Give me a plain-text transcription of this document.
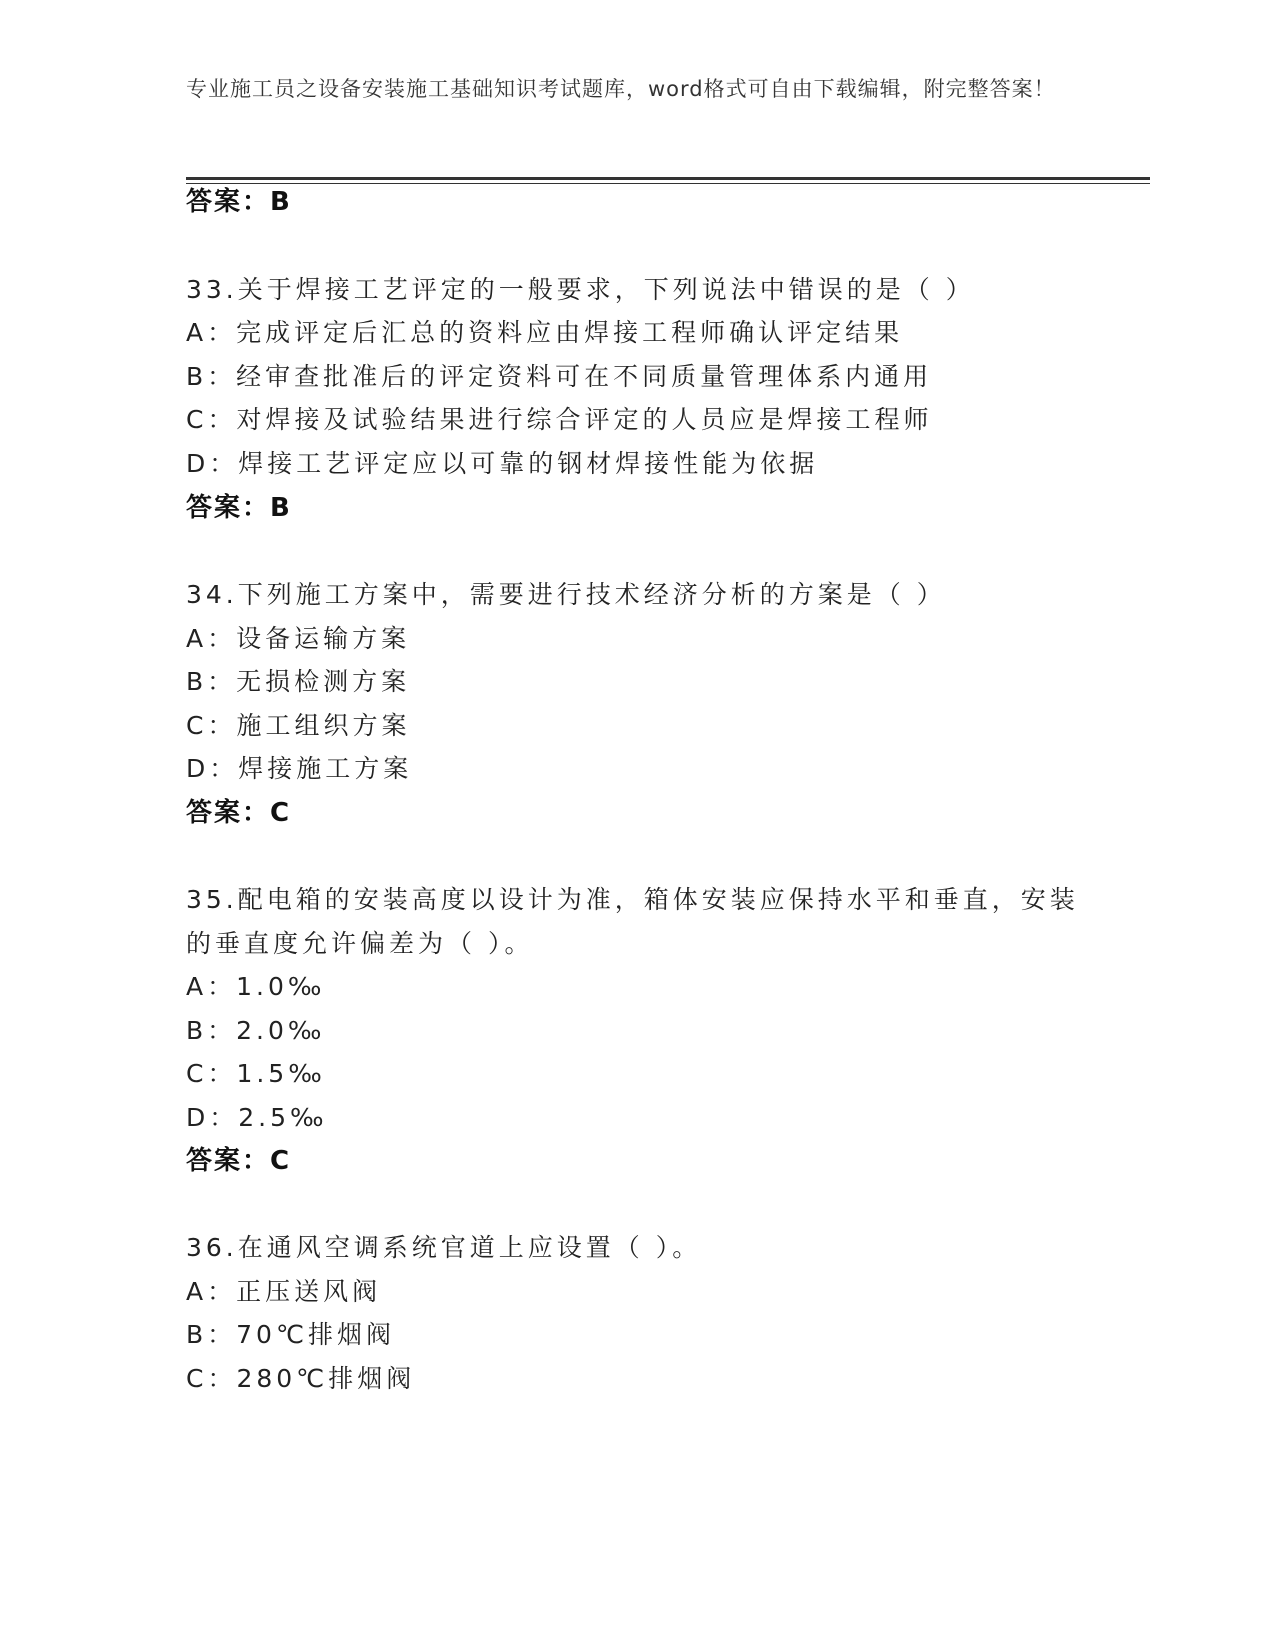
专业施工员之设备安装施工基础知识考试题库，word格式可自由下载编辑，附完整答案！
答案：B
33.关于焊接工艺评定的一般要求，下列说法中错误的是（ ）
A：完成评定后汇总的资料应由焊接工程师确认评定结果
B：经审查批准后的评定资料可在不同质量管理体系内通用
C：对焊接及试验结果进行综合评定的人员应是焊接工程师
D：焊接工艺评定应以可靠的钢材焊接性能为依据
答案：B
34.下列施工方案中，需要进行技术经济分析的方案是（ ）
A：设备运输方案
B：无损检测方案
C：施工组织方案
D：焊接施工方案
答案：C
35.配电箱的安装高度以设计为准，箱体安装应保持水平和垂直，安装
的垂直度允许偏差为（ ）。
A：1.0‰
B：2.0‰
C：1.5‰
D：2.5‰
答案：C
36.在通风空调系统官道上应设置（ ）。
A：正压送风阀
B：70℃排烟阀
C：280℃排烟阀
